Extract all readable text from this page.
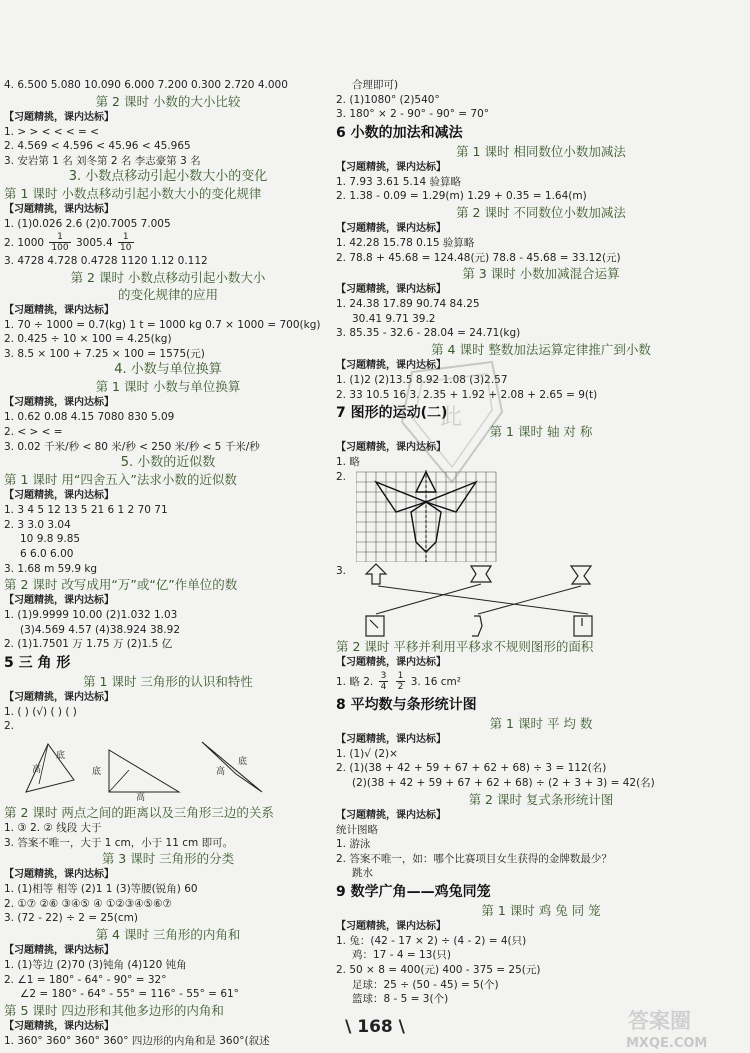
4. 6.500 5.080 10.090 6.000 7.200 0.300 2.720 4.000
第 2 课时 小数的大小比较
【习题精挑，课内达标】
1. > > < < < = <
2. 4.569 < 4.596 < 45.96 < 45.965
3. 安岩第 1 名 刘冬第 2 名 李志豪第 3 名
3. 小数点移动引起小数大小的变化
第 1 课时 小数点移动引起小数大小的变化规律
【习题精挑，课内达标】
1. (1)0.026 2.6 (2)0.7005 7.005
2. $1000 \frac{1}{100} 3005.4 \frac{1}{10}$
3. 4728 4.728 0.4728 1120 1.12 0.112
第 2 课时 小数点移动引起小数大小
的变化规律的应用
【习题精挑，课内达标】
1. 70 ÷ 1000 = 0.7(kg) 1 t = 1000 kg 0.7 × 1000 = 700(kg)
2. 0.425 ÷ 10 × 100 = 4.25(kg)
3. 8.5 × 100 + 7.25 × 100 = 1575(元)
4. 小数与单位换算
第 1 课时 小数与单位换算
【习题精挑，课内达标】
1. 0.62 0.08 4.15 7080 830 5.09
2. < > < =
3. 0.02 千米/秒 < 80 米/秒 < 250 米/秒 < 5 千米/秒
5. 小数的近似数
第 1 课时 用“四舍五入”法求小数的近似数
【习题精挑，课内达标】
1. 3 4 5 12 13 5 21 6 1 2 70 71
2. 3 3.0 3.04
10 9.8 9.85
6 6.0 6.00
3. 1.68 m 59.9 kg
第 2 课时 改写成用“万”或“亿”作单位的数
【习题精挑，课内达标】
1. (1)9.9999 10.00 (2)1.032 1.03
(3)4.569 4.57 (4)38.924 38.92
2. (1)1.7501 万 1.75 万 (2)1.5 亿
5 三 角 形
第 1 课时 三角形的认识和特性
【习题精挑，课内达标】
1. ( ) (√) ( ) ( )
2.
底
高	底
高
底
高
第 2 课时 两点之间的距离以及三角形三边的关系
1. ③ 2. ② 线段 大于
3. 答案不唯一，大于 1 cm，小于 11 cm 即可。
第 3 课时 三角形的分类
【习题精挑，课内达标】
1. (1)相等 相等 (2)1 1 (3)等腰(锐角) 60
2. ①⑦ ②⑥ ③④⑤ ④ ①②③④⑤⑥⑦
3. (72 - 22) ÷ 2 = 25(cm)
第 4 课时 三角形的内角和
【习题精挑，课内达标】
1. (1)等边 (2)70 (3)钝角 (4)120 钝角
2. ∠1 = 180° - 64° - 90° = 32°
∠2 = 180° - 64° - 55° = 116° - 55° = 61°
第 5 课时 四边形和其他多边形的内角和
【习题精挑，课内达标】
1. 360° 360° 360° 360° 四边形的内角和是 360°(叙述
合理即可)
2. (1)1080° (2)540°
3. 180° × 2 - 90° - 90° = 70°
6 小数的加法和减法
第 1 课时 相同数位小数加减法
【习题精挑，课内达标】
1. 7.93 3.61 5.14 验算略
2. 1.38 - 0.09 = 1.29(m) 1.29 + 0.35 = 1.64(m)
第 2 课时 不同数位小数加减法
【习题精挑，课内达标】
1. 42.28 15.78 0.15 验算略
2. 78.8 + 45.68 = 124.48(元) 78.8 - 45.68 = 33.12(元)
第 3 课时 小数加减混合运算
【习题精挑，课内达标】
1. 24.38 17.89 90.74 84.25
30.41 9.71 39.2
3. 85.35 - 32.6 - 28.04 = 24.71(kg)
第 4 课时 整数加法运算定律推广到小数
【习题精挑，课内达标】
1. (1)2 (2)13.5 8.92 1.08 (3)2.57
2. 33 10.5 16 3. 2.35 + 1.92 + 2.08 + 2.65 = 9(t)
7 图形的运动(二)
第 1 课时 轴 对 称
【习题精挑，课内达标】
1. 略
2.
3.
第 2 课时 平移并利用平移求不规则图形的面积
【习题精挑，课内达标】
1. 略 2. $\frac{3}{4}$
$\frac{1}{2} 3$. 16 cm²
8 平均数与条形统计图
第 1 课时 平 均 数
【习题精挑，课内达标】
1. (1)√ (2)×
2. (1)(38 + 42 + 59 + 67 + 62 + 68) ÷ 3 = 112(名)
(2)(38 + 42 + 59 + 67 + 62 + 68) ÷ (2 + 3 + 3) = 42(名)
第 2 课时 复式条形统计图
【习题精挑，课内达标】
统计图略
1. 游泳
2. 答案不唯一，如：哪个比赛项目女生获得的金牌数最少？
跳水
9 数学广角——鸡兔同笼
第 1 课时 鸡 兔 同 笼
【习题精挑，课内达标】
1. 兔：(42 - 17 × 2) ÷ (4 - 2) = 4(只)
鸡：17 - 4 = 13(只)
2. 50 × 8 = 400(元) 400 - 375 = 25(元)
足球：25 ÷ (50 - 45) = 5(个)
篮球：8 - 5 = 3(个)
此
\ 168 \	答案圈
MXQE.COM
